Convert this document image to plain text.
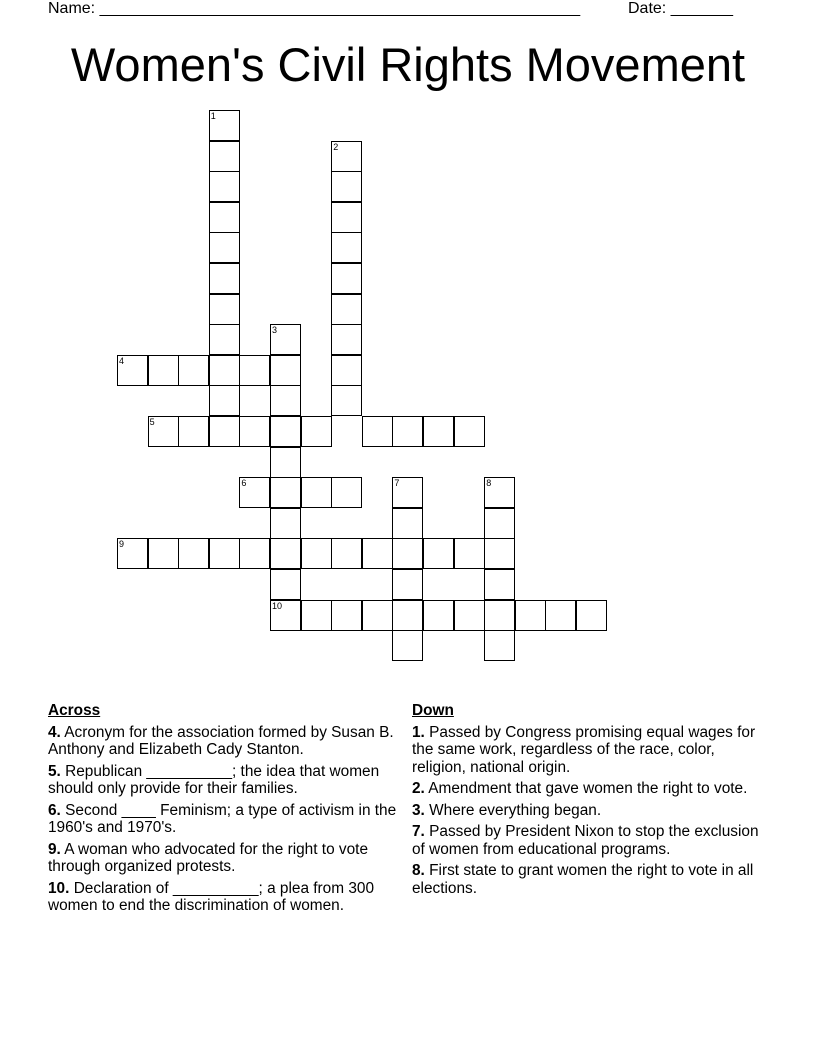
Name: ______________________________________________________	Date: _______
Women's Civil Rights Movement
1
2
3
10
4
5
6	7	8
9
Across
4. Acronym for the association formed by Susan B. Anthony and Elizabeth Cady Stanton.
5. Republican __________; the idea that women should only provide for their families.
6. Second ____ Feminism; a type of activism in the 1960's and 1970's.
9. A woman who advocated for the right to vote through organized protests.
10. Declaration of __________; a plea from 300 women to end the discrimination of women.
Down
1. Passed by Congress promising equal wages for the same work, regardless of the race, color, religion, national origin.
2. Amendment that gave women the right to vote.
3. Where everything began.
7. Passed by President Nixon to stop the exclusion of women from educational programs.
8. First state to grant women the right to vote in all elections.
